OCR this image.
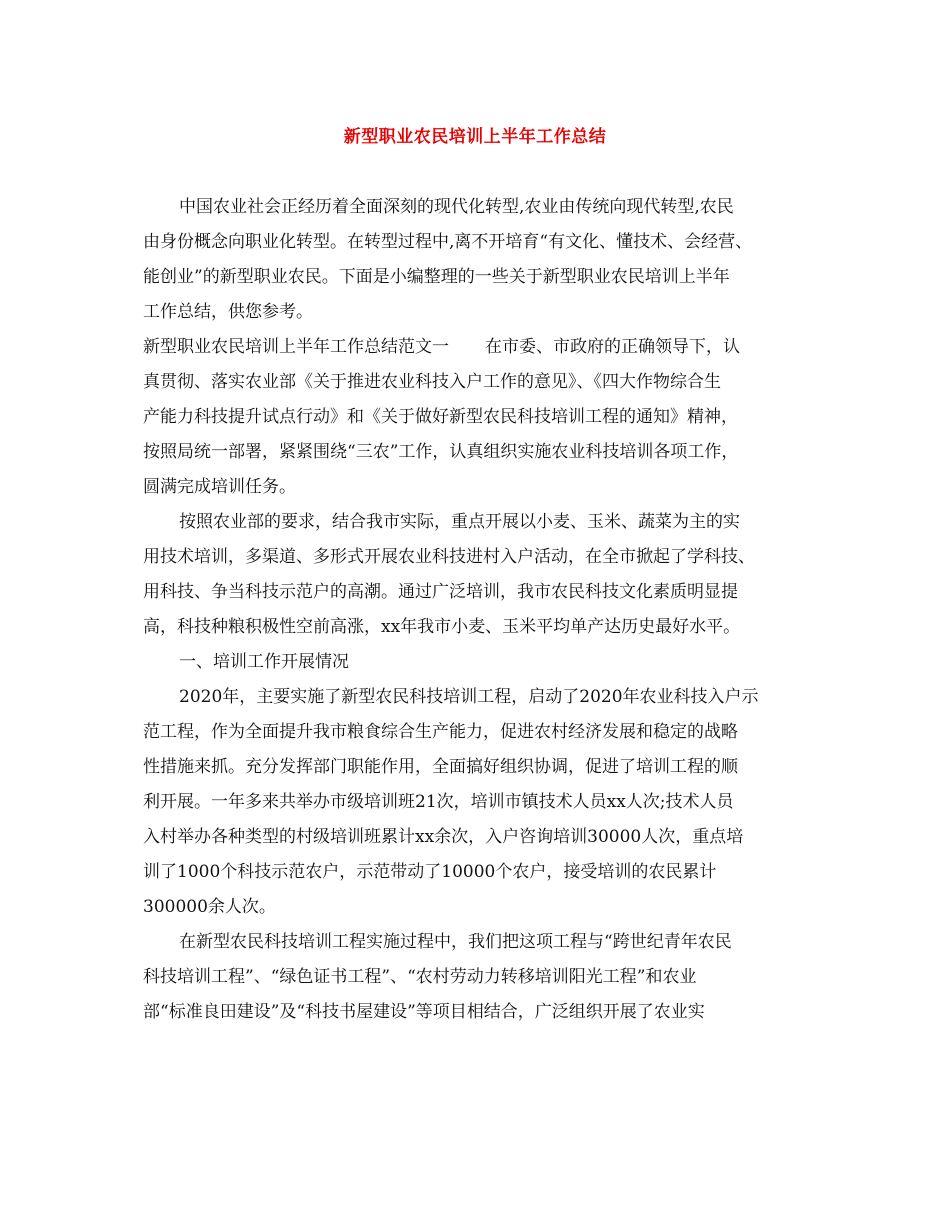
新型职业农民培训上半年工作总结
中国农业社会正经历着全面深刻的现代化转型,农业由传统向现代转型,农民
由身份概念向职业化转型。在转型过程中,离不开培育“有文化、懂技术、会经营、
能创业”的新型职业农民。下面是小编整理的一些关于新型职业农民培训上半年
工作总结，供您参考。
新型职业农民培训上半年工作总结范文一 在市委、市政府的正确领导下，认
真贯彻、落实农业部《关于推进农业科技入户工作的意见》、《四大作物综合生
产能力科技提升试点行动》和《关于做好新型农民科技培训工程的通知》精神，
按照局统一部署，紧紧围绕“三农”工作，认真组织实施农业科技培训各项工作，
圆满完成培训任务。
按照农业部的要求，结合我市实际，重点开展以小麦、玉米、蔬菜为主的实
用技术培训，多渠道、多形式开展农业科技进村入户活动，在全市掀起了学科技、
用科技、争当科技示范户的高潮。通过广泛培训，我市农民科技文化素质明显提
高，科技种粮积极性空前高涨，xx年我市小麦、玉米平均单产达历史最好水平。
一、培训工作开展情况
2020年，主要实施了新型农民科技培训工程，启动了2020年农业科技入户示
范工程，作为全面提升我市粮食综合生产能力，促进农村经济发展和稳定的战略
性措施来抓。充分发挥部门职能作用，全面搞好组织协调，促进了培训工程的顺
利开展。一年多来共举办市级培训班21次，培训市镇技术人员xx人次;技术人员
入村举办各种类型的村级培训班累计xx余次，入户咨询培训30000人次，重点培
训了1000个科技示范农户，示范带动了10000个农户，接受培训的农民累计
300000余人次。
在新型农民科技培训工程实施过程中，我们把这项工程与“跨世纪青年农民
科技培训工程”、“绿色证书工程”、“农村劳动力转移培训阳光工程”和农业
部“标准良田建设”及“科技书屋建设”等项目相结合，广泛组织开展了农业实
